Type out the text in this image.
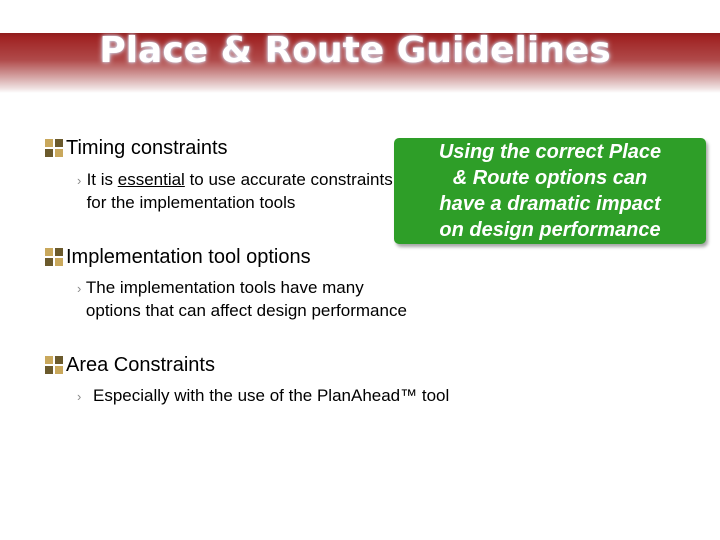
Place & Route Guidelines
Timing constraints
› It is essential to use accurate constraints for the implementation tools
Implementation tool options
› The implementation tools have many options that can affect design performance
Area Constraints
› Especially with the use of the PlanAhead™ tool
Using the correct Place
& Route options can
have a dramatic impact
on design performance
